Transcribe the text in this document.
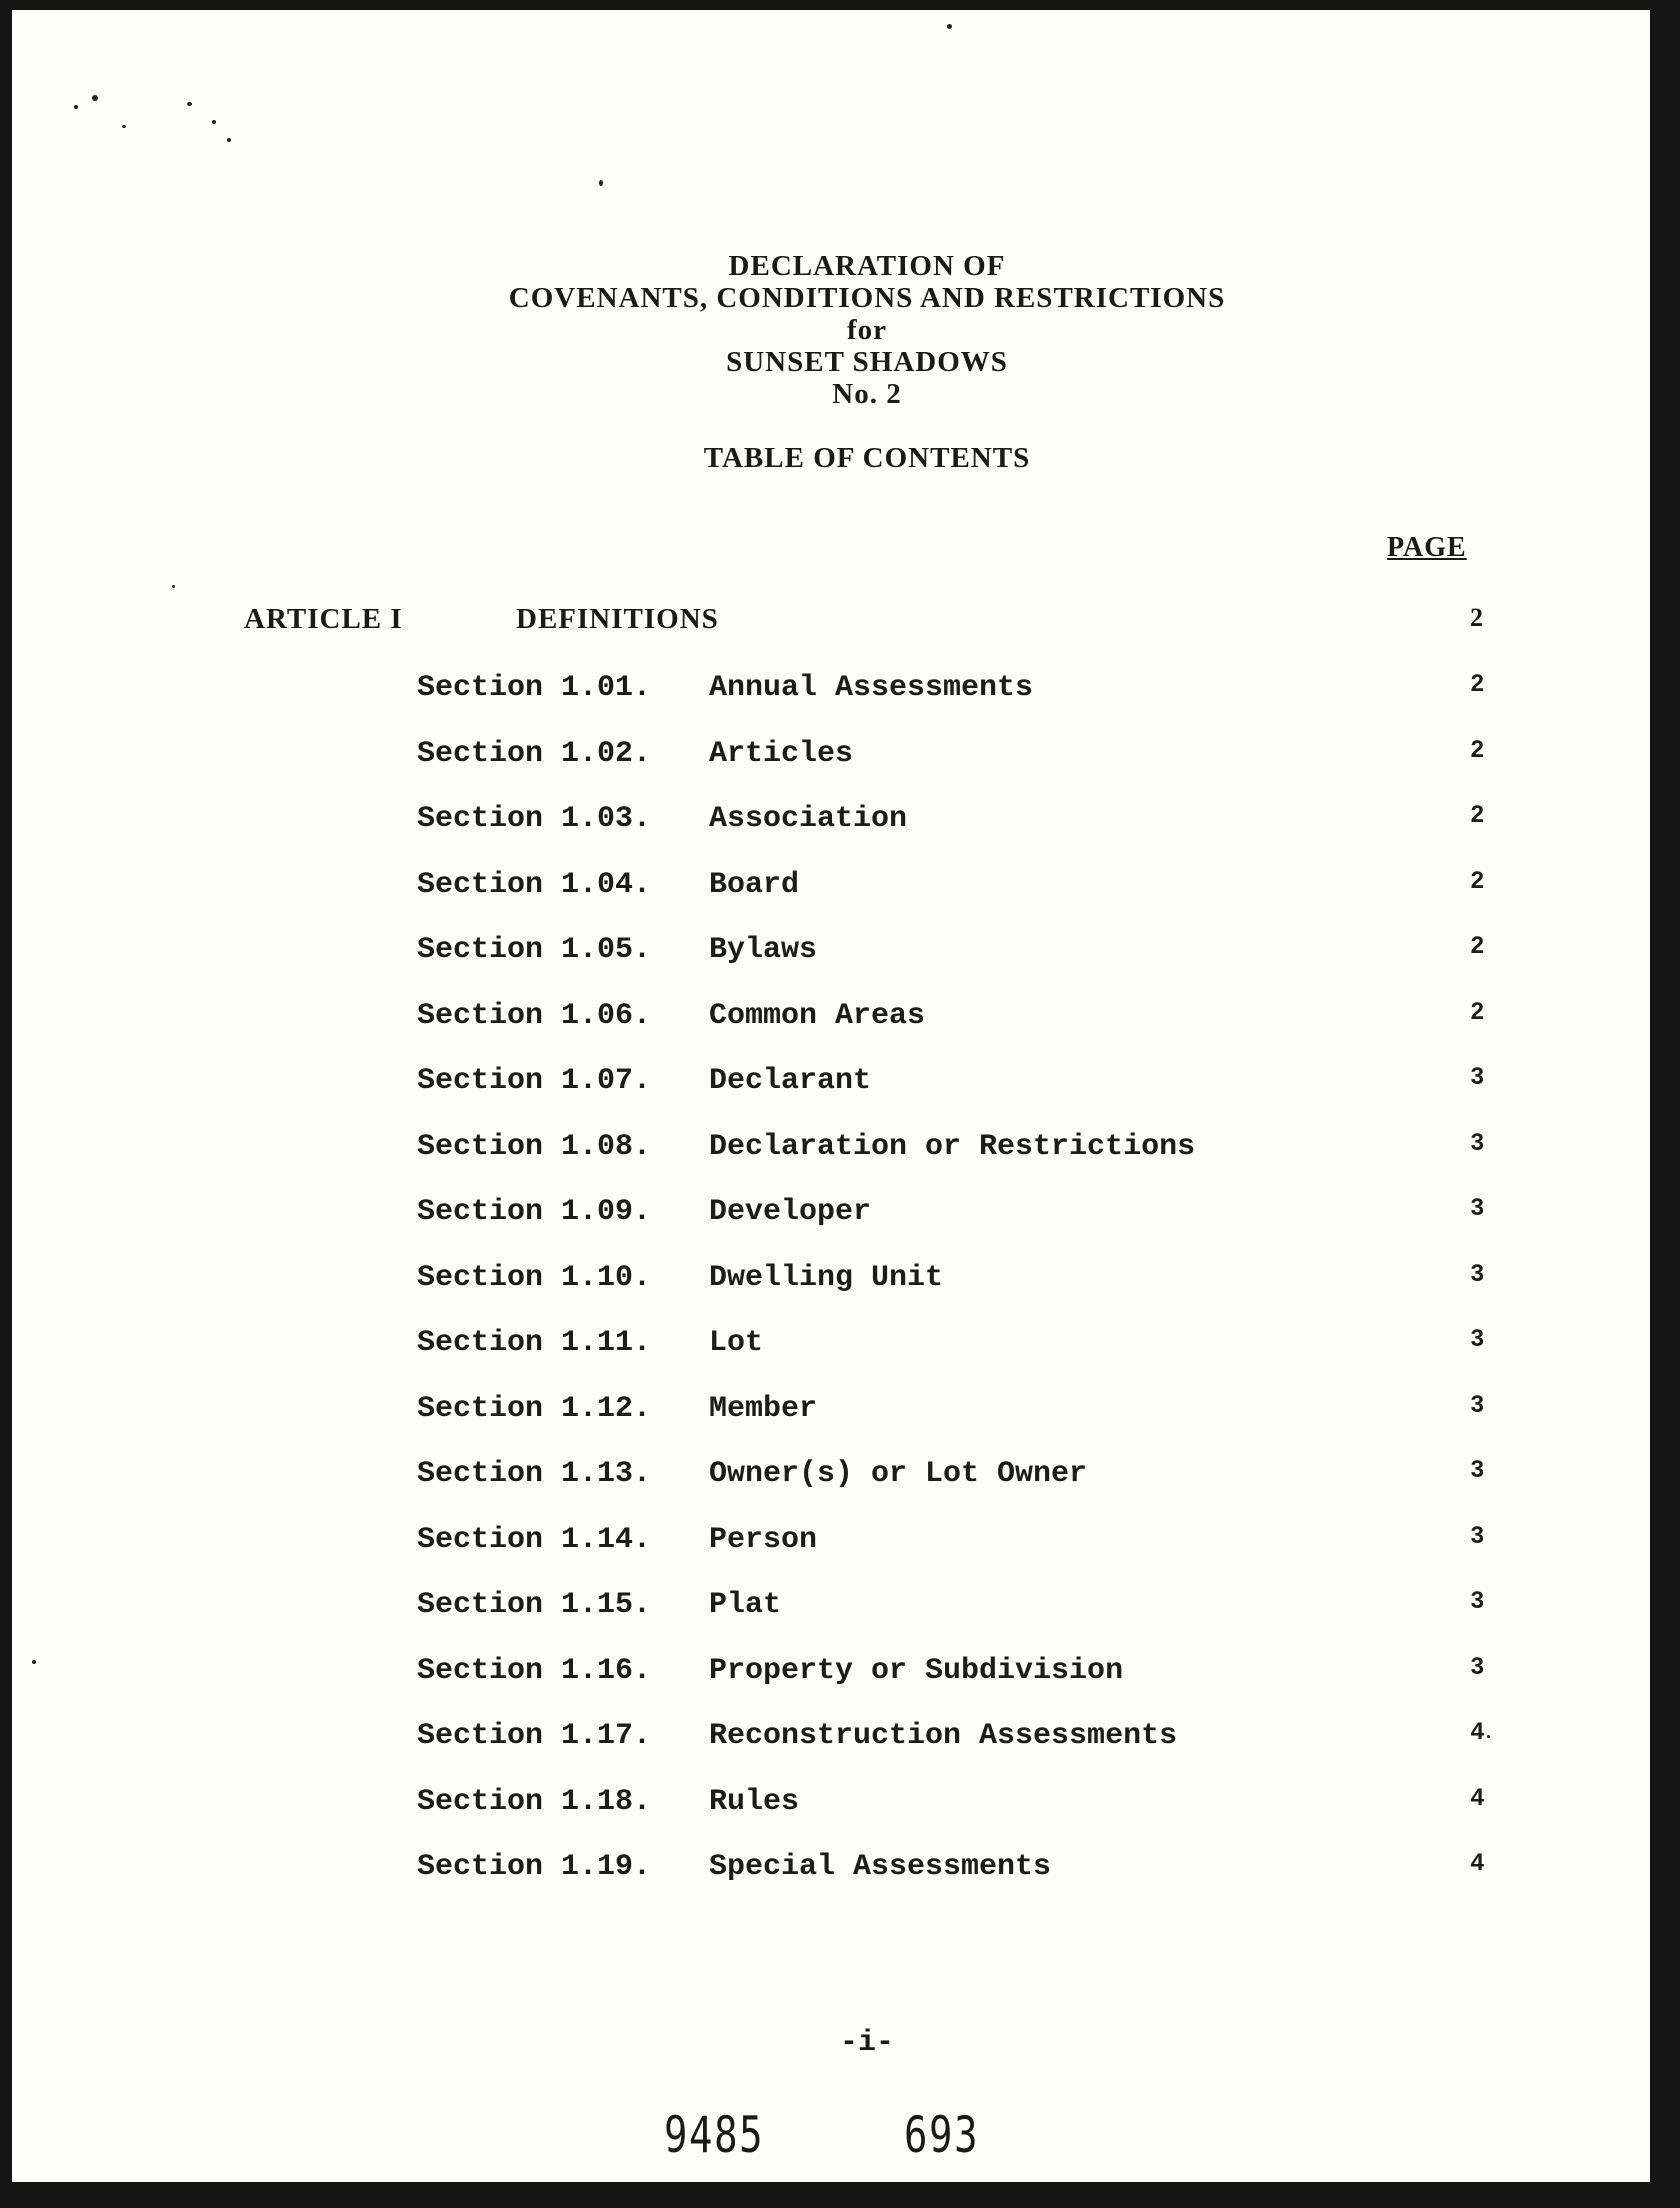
DECLARATION OF
COVENANTS, CONDITIONS AND RESTRICTIONS
for
SUNSET SHADOWS
No. 2
TABLE OF CONTENTS
PAGE
ARTICLE I	DEFINITIONS	2
Section 1.01. Annual Assessments	2
Section 1.02. Articles	2
Section 1.03. Association	2
Section 1.04. Board	2
Section 1.05. Bylaws	2
Section 1.06. Common Areas	2
Section 1.07. Declarant	3
Section 1.08. Declaration or Restrictions	3
Section 1.09. Developer	3
Section 1.10. Dwelling Unit	3
Section 1.11. Lot	3
Section 1.12. Member	3
Section 1.13. Owner(s) or Lot Owner	3
Section 1.14. Person	3
Section 1.15. Plat	3
Section 1.16. Property or Subdivision	3
Section 1.17. Reconstruction Assessments	4
Section 1.18. Rules	4
Section 1.19. Special Assessments	4
-i-
9485	693
